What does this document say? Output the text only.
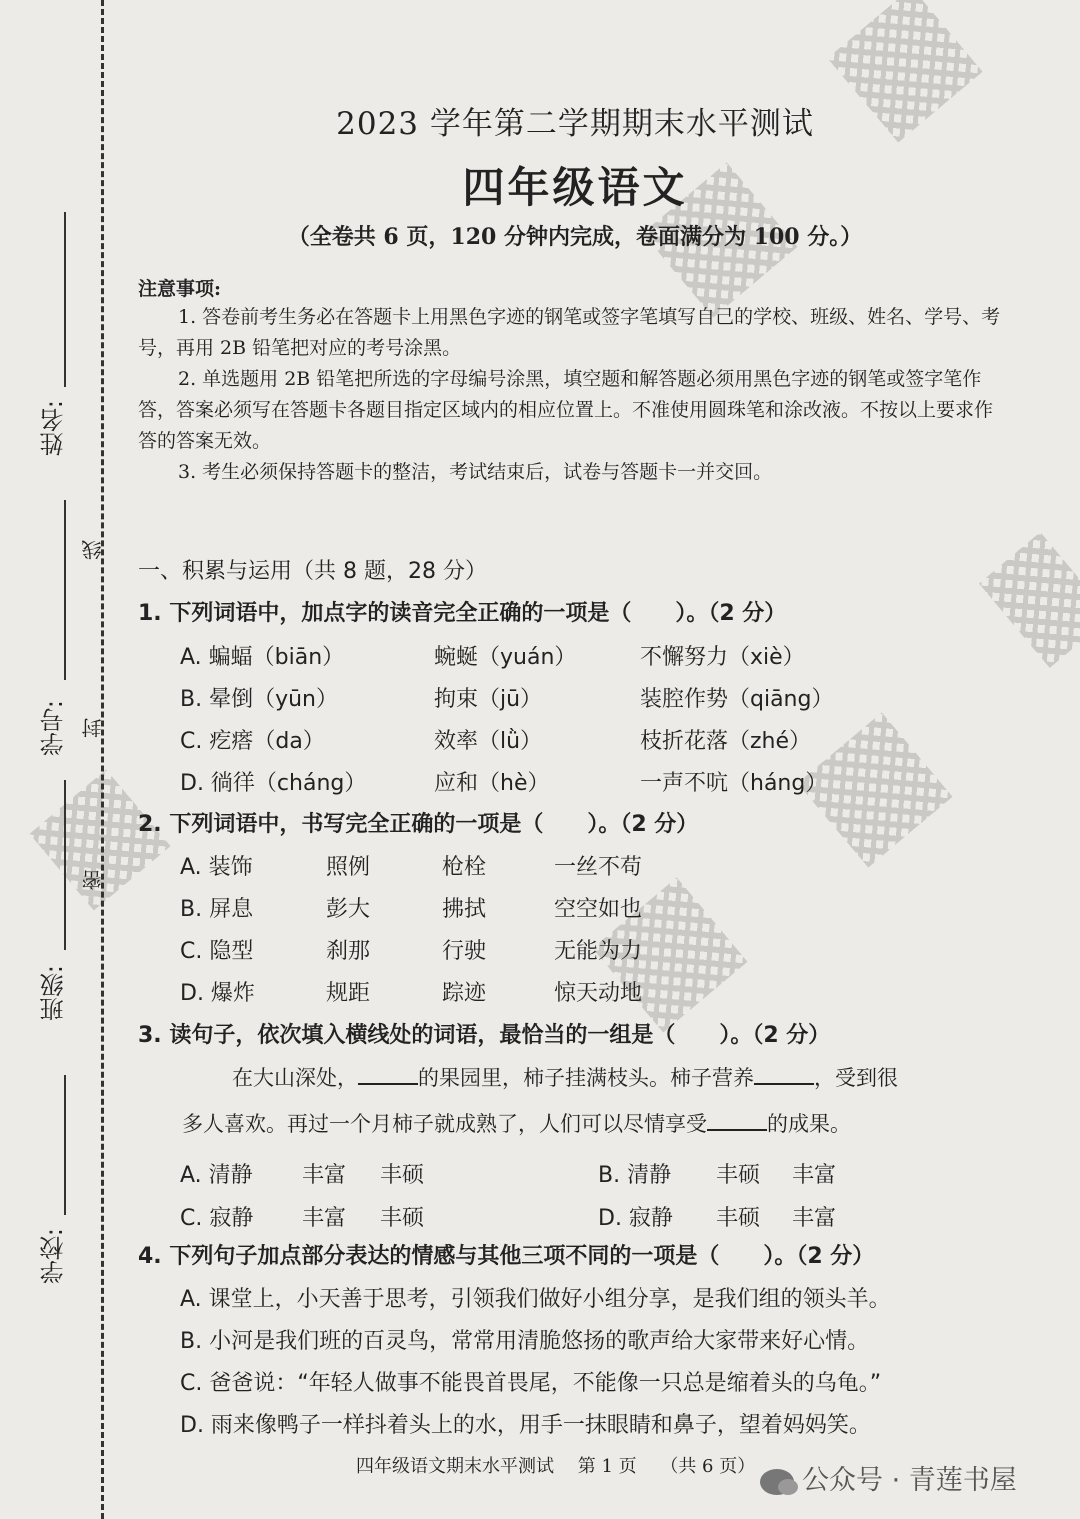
姓名:
学号:
班级:
学校:
线
封
密
2023 学年第二学期期末水平测试
四年级语文
（全卷共 6 页，120 分钟内完成，卷面满分为 100 分。）
注意事项:
1. 答卷前考生务必在答题卡上用黑色字迹的钢笔或签字笔填写自己的学校、班级、姓名、学号、考号，再用 2B 铅笔把对应的考号涂黑。
2. 单选题用 2B 铅笔把所选的字母编号涂黑，填空题和解答题必须用黑色字迹的钢笔或签字笔作答，答案必须写在答题卡各题目指定区域内的相应位置上。不准使用圆珠笔和涂改液。不按以上要求作答的答案无效。
3. 考生必须保持答题卡的整洁，考试结束后，试卷与答题卡一并交回。
一、积累与运用（共 8 题，28 分）
1. 下列词语中，加点字的读音完全正确的一项是（　　）。（2 分）
A. 蝙蝠（biān）	蜿蜒（yuán）	不懈努力（xiè）
B. 晕倒（yūn）	拘束（jū）	装腔作势（qiāng）
C. 疙瘩（da）	效率（lǜ）	枝折花落（zhé）
D. 徜徉（cháng）	应和（hè）	一声不吭（háng）
2. 下列词语中，书写完全正确的一项是（　　）。（2 分）
A. 装饰	照例	枪栓	一丝不苟
B. 屏息	彭大	拂拭	空空如也
C. 隐型	刹那	行驶	无能为力
D. 爆炸	规距	踪迹	惊天动地
3. 读句子，依次填入横线处的词语，最恰当的一组是（　　）。（2 分）
在大山深处，	的果园里，柿子挂满枝头。柿子营养	，受到很
多人喜欢。再过一个月柿子就成熟了，人们可以尽情享受	的成果。
A. 清静 丰富 丰硕	B. 清静 丰硕 丰富
C. 寂静 丰富 丰硕	D. 寂静 丰硕 丰富
4. 下列句子加点部分表达的情感与其他三项不同的一项是（　　）。（2 分）
A. 课堂上，小天善于思考，引领我们做好小组分享，是我们组的领头羊。
B. 小河是我们班的百灵鸟，常常用清脆悠扬的歌声给大家带来好心情。
C. 爸爸说：“年轻人做事不能畏首畏尾，不能像一只总是缩着头的乌龟。”
D. 雨来像鸭子一样抖着头上的水，用手一抹眼睛和鼻子，望着妈妈笑。
四年级语文期末水平测试　 第 1 页　 （共 6 页）	公众号 · 青莲书屋
